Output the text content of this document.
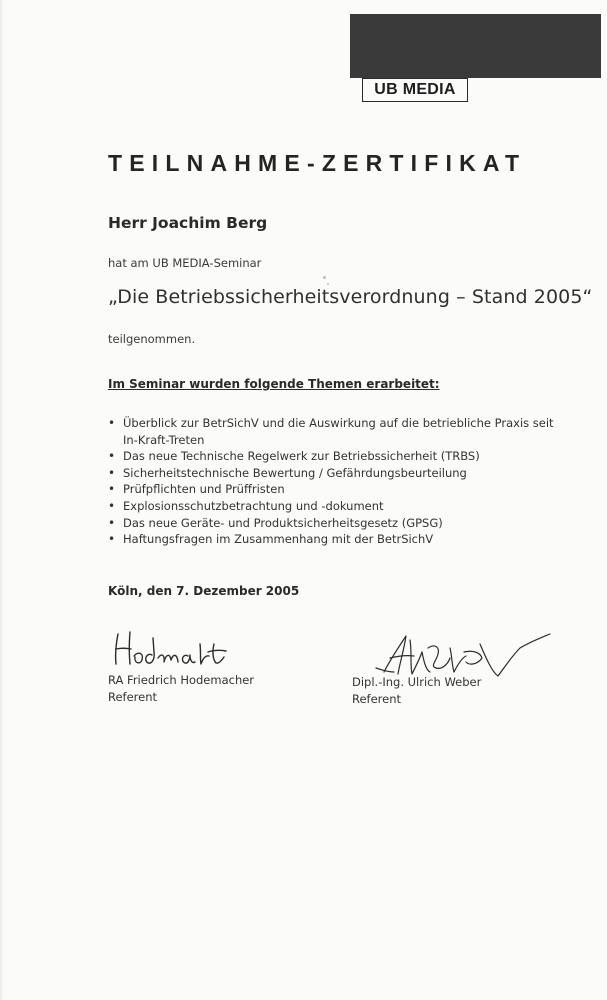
UB MEDIA
TEILNAHME-ZERTIFIKAT
Herr Joachim Berg
hat am UB MEDIA-Seminar
„Die Betriebssicherheitsverordnung – Stand 2005“
teilgenommen.
Im Seminar wurden folgende Themen erarbeitet:
• Überblick zur BetrSichV und die Auswirkung auf die betriebliche Praxis seit In-Kraft-Treten
• Das neue Technische Regelwerk zur Betriebssicherheit (TRBS)
• Sicherheitstechnische Bewertung / Gefährdungsbeurteilung
• Prüfpflichten und Prüffristen
• Explosionsschutzbetrachtung und -dokument
• Das neue Geräte- und Produktsicherheitsgesetz (GPSG)
• Haftungsfragen im Zusammenhang mit der BetrSichV
Köln, den 7. Dezember 2005
RA Friedrich Hodemacher
Referent
Dipl.-Ing. Ulrich Weber
Referent
